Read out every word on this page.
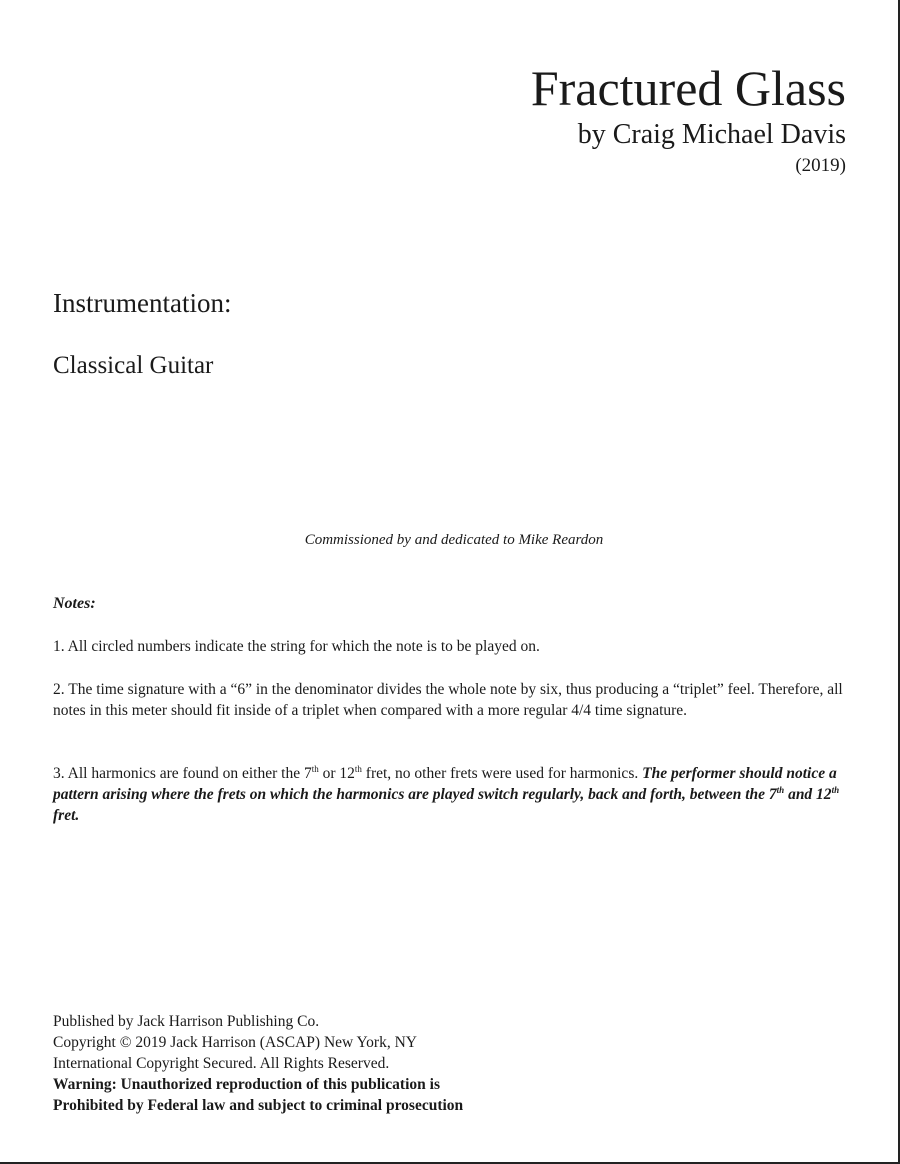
Fractured Glass
by Craig Michael Davis
(2019)
Instrumentation:
Classical Guitar
Commissioned by and dedicated to Mike Reardon
Notes:
1. All circled numbers indicate the string for which the note is to be played on.
2. The time signature with a “6” in the denominator divides the whole note by six, thus producing a “triplet” feel. Therefore, all notes in this meter should fit inside of a triplet when compared with a more regular 4/4 time signature.
3. All harmonics are found on either the 7th or 12th fret, no other frets were used for harmonics. The performer should notice a pattern arising where the frets on which the harmonics are played switch regularly, back and forth, between the 7th and 12th fret.
Published by Jack Harrison Publishing Co.
Copyright © 2019 Jack Harrison (ASCAP) New York, NY
International Copyright Secured. All Rights Reserved.
Warning: Unauthorized reproduction of this publication is
Prohibited by Federal law and subject to criminal prosecution
